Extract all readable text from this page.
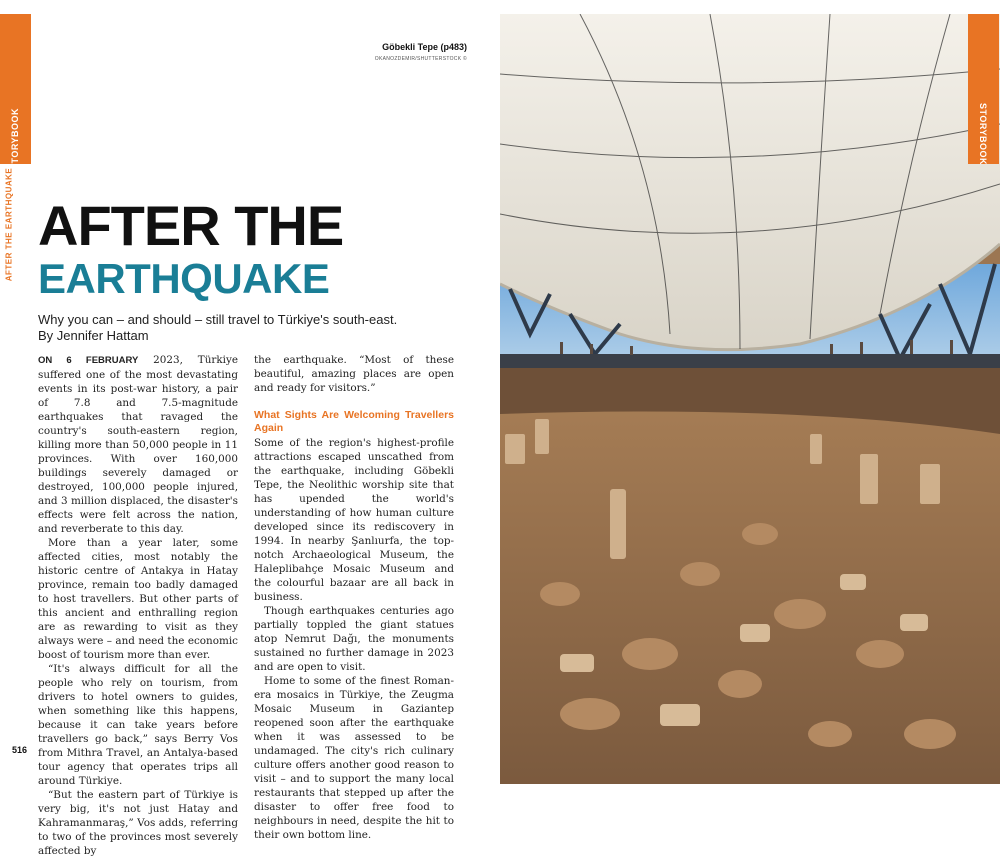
STORYBOOK
AFTER THE EARTHQUAKE
Göbekli Tepe (p483)
OKANOZDEMIR/SHUTTERSTOCK ©
AFTER THE
EARTHQUAKE
Why you can – and should – still travel to Türkiye's south-east.
By Jennifer Hattam

ON 6 FEBRUARY 2023, Türkiye suffered one of the most devastating events in its post-war history, a pair of 7.8 and 7.5-magnitude earthquakes that ravaged the country's south-eastern region, killing more than 50,000 people in 11 provinces. With over 160,000 buildings severely damaged or destroyed, 100,000 people injured, and 3 million displaced, the disaster's effects were felt across the nation, and reverberate to this day.

More than a year later, some affected cities, most notably the historic centre of Antakya in Hatay province, remain too badly damaged to host travellers. But other parts of this ancient and enthralling region are as rewarding to visit as they always were – and need the economic boost of tourism more than ever.

“It's always difficult for all the people who rely on tourism, from drivers to hotel owners to guides, when something like this happens, because it can take years before travellers go back,” says Berry Vos from Mithra Travel, an Antalya-based tour agency that operates trips all around Türkiye.

“But the eastern part of Türkiye is very big, it's not just Hatay and Kahramanmaraş,” Vos adds, referring to two of the provinces most severely affected by

the earthquake. “Most of these beautiful, amazing places are open and ready for visitors.”

What Sights Are Welcoming Travellers Again

Some of the region's highest-profile attractions escaped unscathed from the earthquake, including Göbekli Tepe, the Neolithic worship site that has upended the world's understanding of how human culture developed since its rediscovery in 1994. In nearby Şanlıurfa, the top-notch Archaeological Museum, the Haleplibahçe Mosaic Museum and the colourful bazaar are all back in business.

Though earthquakes centuries ago partially toppled the giant statues atop Nemrut Dağı, the monuments sustained no further damage in 2023 and are open to visit.

Home to some of the finest Roman-era mosaics in Türkiye, the Zeugma Mosaic Museum in Gaziantep reopened soon after the earthquake when it was assessed to be undamaged. The city's rich culinary culture offers another good reason to visit – and to support the many local restaurants that stepped up after the disaster to offer free food to neighbours in need, despite the hit to their own bottom line.

516
STORYBOOK
